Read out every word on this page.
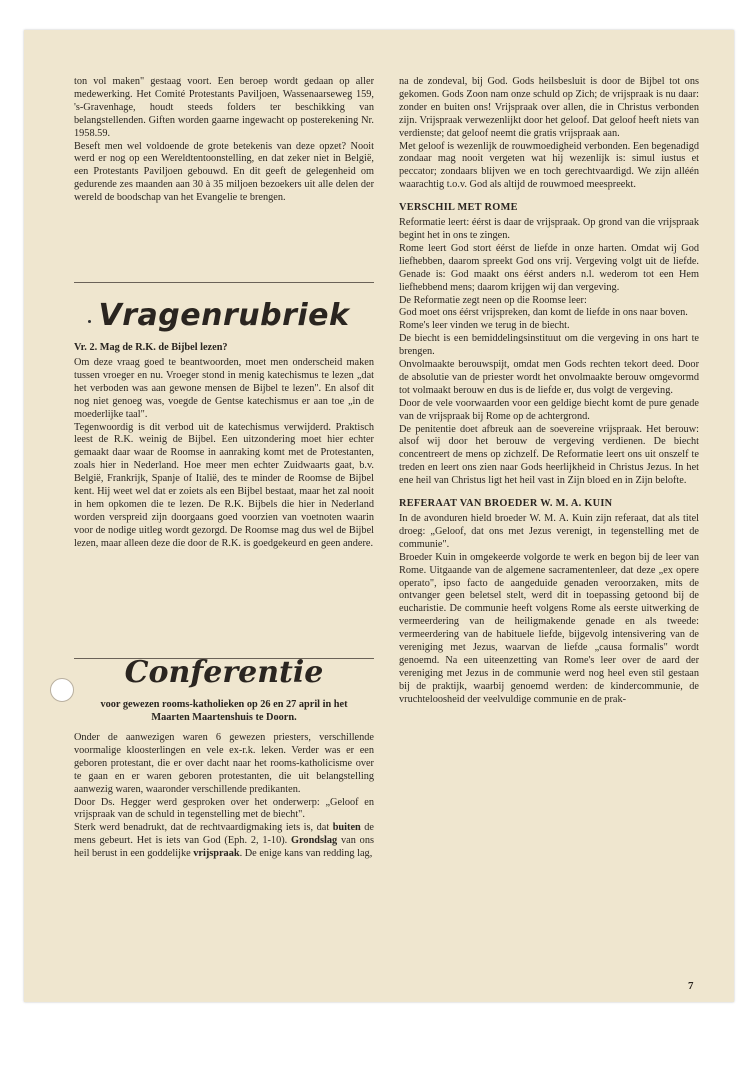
ton vol maken" gestaag voort. Een beroep wordt gedaan op aller medewerking. Het Comité Protestants Paviljoen, Wassenaarseweg 159, 's-Gravenhage, houdt steeds folders ter beschikking van belangstellenden. Giften worden gaarne ingewacht op posterekening Nr. 1958.59.

Beseft men wel voldoende de grote betekenis van deze opzet? Nooit werd er nog op een Wereldtentoonstelling, en dat zeker niet in België, een Protestants Paviljoen gebouwd. En dit geeft de gelegenheid om gedurende zes maanden aan 30 à 35 miljoen bezoekers uit alle delen der wereld de boodschap van het Evangelie te brengen.

Vragenrubriek
Vr. 2. Mag de R.K. de Bijbel lezen?

Om deze vraag goed te beantwoorden, moet men onderscheid maken tussen vroeger en nu. Vroeger stond in menig katechismus te lezen „dat het verboden was aan gewone mensen de Bijbel te lezen". En alsof dit nog niet genoeg was, voegde de Gentse katechismus er aan toe „in de moederlijke taal".

Tegenwoordig is dit verbod uit de katechismus verwijderd. Praktisch leest de R.K. weinig de Bijbel. Een uitzondering moet hier echter gemaakt daar waar de Roomse in aanraking komt met de Protestanten, zoals hier in Nederland. Hoe meer men echter Zuidwaarts gaat, b.v. België, Frankrijk, Spanje of Italië, des te minder de Roomse de Bijbel kent. Hij weet wel dat er zoiets als een Bijbel bestaat, maar het zal nooit in hem opkomen die te lezen. De R.K. Bijbels die hier in Nederland worden verspreid zijn doorgaans goed voorzien van voetnoten waarin voor de nodige uitleg wordt gezorgd. De Roomse mag dus wel de Bijbel lezen, maar alleen deze die door de R.K. is goedgekeurd en geen andere.

Conferentie
voor gewezen rooms-katholieken op 26 en 27 april in het Maarten Maartenshuis te Doorn.

Onder de aanwezigen waren 6 gewezen priesters, verschillende voormalige kloosterlingen en vele ex-r.k. leken. Verder was er een geboren protestant, die er over dacht naar het rooms-katholicisme over te gaan en er waren geboren protestanten, die uit belangstelling aanwezig waren, waaronder verschillende predikanten.

Door Ds. Hegger werd gesproken over het onderwerp: „Geloof en vrijspraak van de schuld in tegenstelling met de biecht".

Sterk werd benadrukt, dat de rechtvaardigmaking iets is, dat buiten de mens gebeurt. Het is iets van God (Eph. 2, 1-10). Grondslag van ons heil berust in een goddelijke vrijspraak. De enige kans van redding lag,

na de zondeval, bij God. Gods heilsbesluit is door de Bijbel tot ons gekomen. Gods Zoon nam onze schuld op Zich; de vrijspraak is nu daar: zonder en buiten ons! Vrijspraak over allen, die in Christus verbonden zijn. Vrijspraak verwezenlijkt door het geloof. Dat geloof heeft niets van verdienste; dat geloof neemt die gratis vrijspraak aan.

Met geloof is wezenlijk de rouwmoedigheid verbonden. Een begenadigd zondaar mag nooit vergeten wat hij wezenlijk is: simul iustus et peccator; zondaars blijven we en toch gerechtvaardigd. We zijn alléén waarachtig t.o.v. God als altijd de rouwmoed meespreekt.

VERSCHIL MET ROME

Reformatie leert: éérst is daar de vrijspraak. Op grond van die vrijspraak begint het in ons te zingen.

Rome leert God stort éérst de liefde in onze harten. Omdat wij God liefhebben, daarom spreekt God ons vrij. Vergeving volgt uit de liefde. Genade is: God maakt ons éérst anders n.l. wederom tot een Hem liefhebbend mens; daarom krijgen wij dan vergeving.

De Reformatie zegt neen op die Roomse leer:

God moet ons éérst vrijspreken, dan komt de liefde in ons naar boven.

Rome's leer vinden we terug in de biecht.

De biecht is een bemiddelingsinstituut om die vergeving in ons hart te brengen.

Onvolmaakte berouwspijt, omdat men Gods rechten tekort deed. Door de absolutie van de priester wordt het onvolmaakte berouw omgevormd tot volmaakt berouw en dus is de liefde er, dus volgt de vergeving.

Door de vele voorwaarden voor een geldige biecht komt de pure genade van de vrijspraak bij Rome op de achtergrond.

De penitentie doet afbreuk aan de soevereine vrijspraak. Het berouw: alsof wij door het berouw de vergeving verdienen. De biecht concentreert de mens op zichzelf. De Reformatie leert ons uit onszelf te treden en leert ons zien naar Gods heerlijkheid in Christus Jezus. In het ene heil van Christus ligt het heil vast in Zijn bloed en in Zijn belofte.

REFERAAT VAN BROEDER W. M. A. KUIN

In de avonduren hield broeder W. M. A. Kuin zijn referaat, dat als titel droeg: „Geloof, dat ons met Jezus verenigt, in tegenstelling met de communie".

Broeder Kuin in omgekeerde volgorde te werk en begon bij de leer van Rome. Uitgaande van de algemene sacramentenleer, dat deze „ex opere operato", ipso facto de aangeduide genaden veroorzaken, mits de ontvanger geen beletsel stelt, werd dit in toepassing getoond bij de eucharistie. De communie heeft volgens Rome als eerste uitwerking de vermeerdering van de heiligmakende genade en als tweede: vermeerdering van de habituele liefde, bijgevolg intensivering van de vereniging met Jezus, waarvan de liefde „causa formalis" wordt genoemd. Na een uiteenzetting van Rome's leer over de aard der vereniging met Jezus in de communie werd nog heel even stil gestaan bij de praktijk, waarbij genoemd werden: de kindercommunie, de vruchteloosheid der veelvuldige communie en de prak-

7
